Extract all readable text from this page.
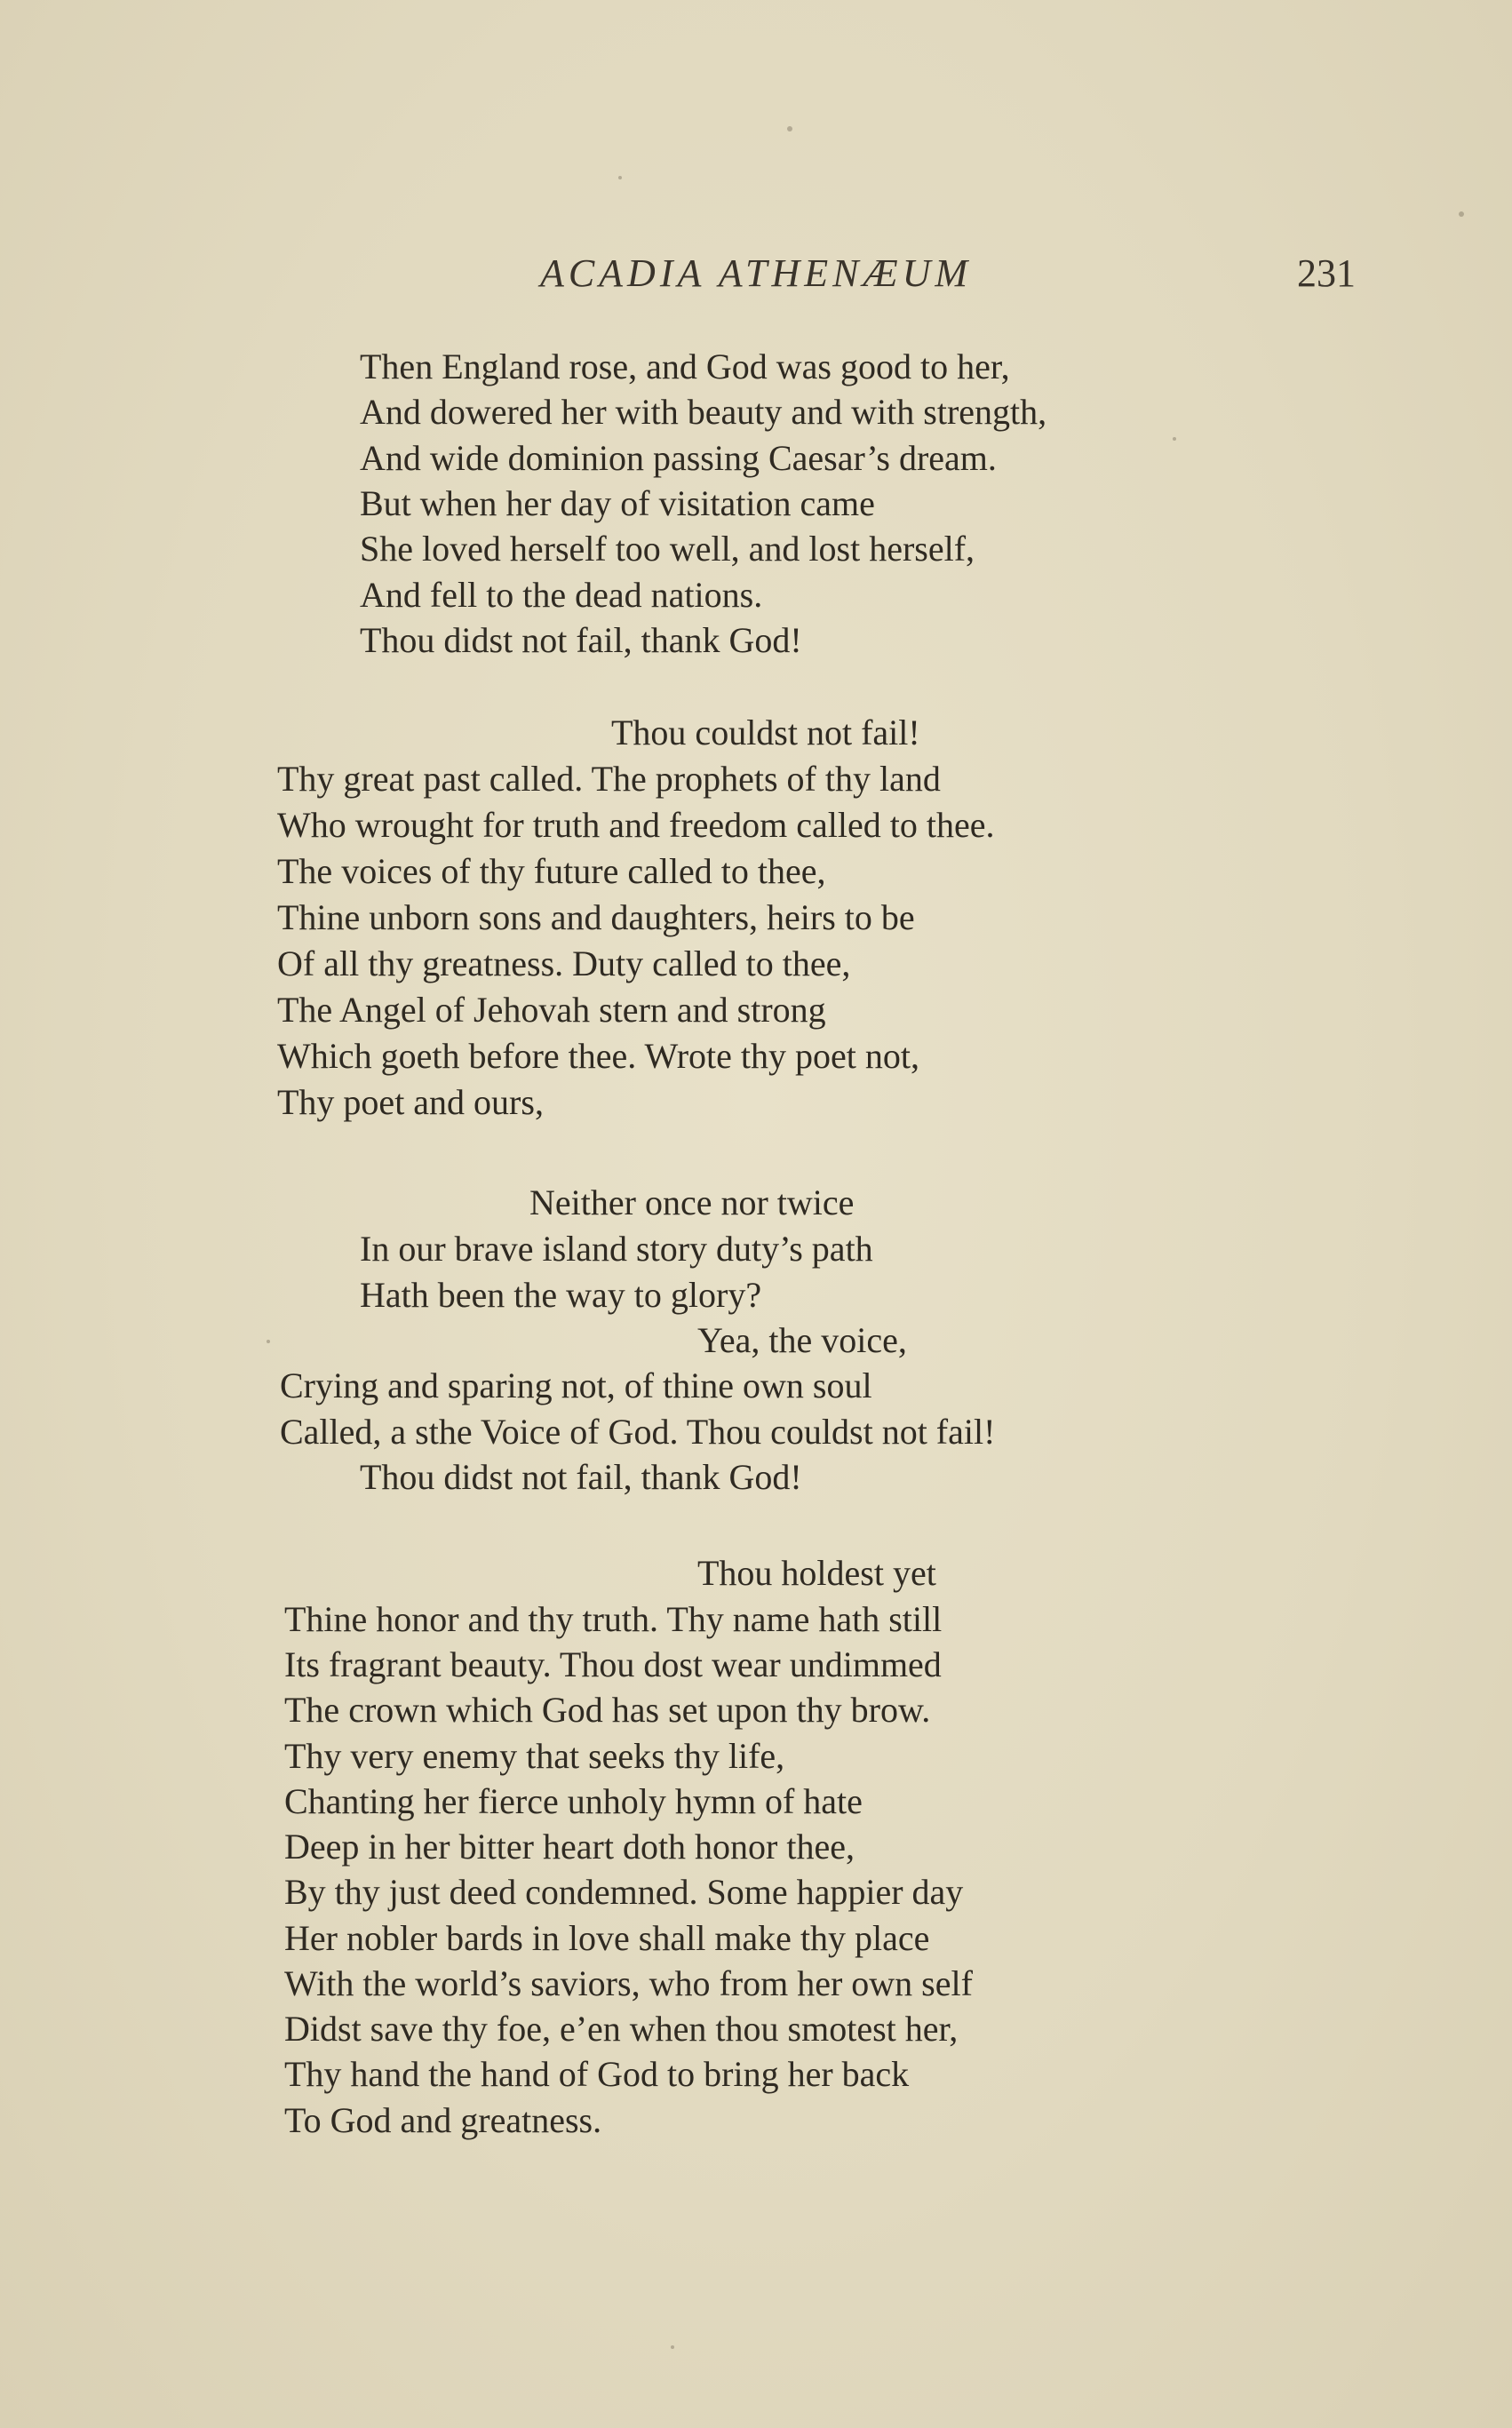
ACADIA ATHENÆUM	231
Then England rose, and God was good to her,
And dowered her with beauty and with strength,
And wide dominion passing Caesar’s dream.
But when her day of visitation came
She loved herself too well, and lost herself,
And fell to the dead nations.
Thou didst not fail, thank God!
Thou couldst not fail!
Thy great past called. The prophets of thy land
Who wrought for truth and freedom called to thee.
The voices of thy future called to thee,
Thine unborn sons and daughters, heirs to be
Of all thy greatness. Duty called to thee,
The Angel of Jehovah stern and strong
Which goeth before thee. Wrote thy poet not,
Thy poet and ours,
Neither once nor twice
In our brave island story duty’s path
Hath been the way to glory?
Yea, the voice,
Crying and sparing not, of thine own soul
Called, a sthe Voice of God. Thou couldst not fail!
Thou didst not fail, thank God!
Thou holdest yet
Thine honor and thy truth. Thy name hath still
Its fragrant beauty. Thou dost wear undimmed
The crown which God has set upon thy brow.
Thy very enemy that seeks thy life,
Chanting her fierce unholy hymn of hate
Deep in her bitter heart doth honor thee,
By thy just deed condemned. Some happier day
Her nobler bards in love shall make thy place
With the world’s saviors, who from her own self
Didst save thy foe, e’en when thou smotest her,
Thy hand the hand of God to bring her back
To God and greatness.
